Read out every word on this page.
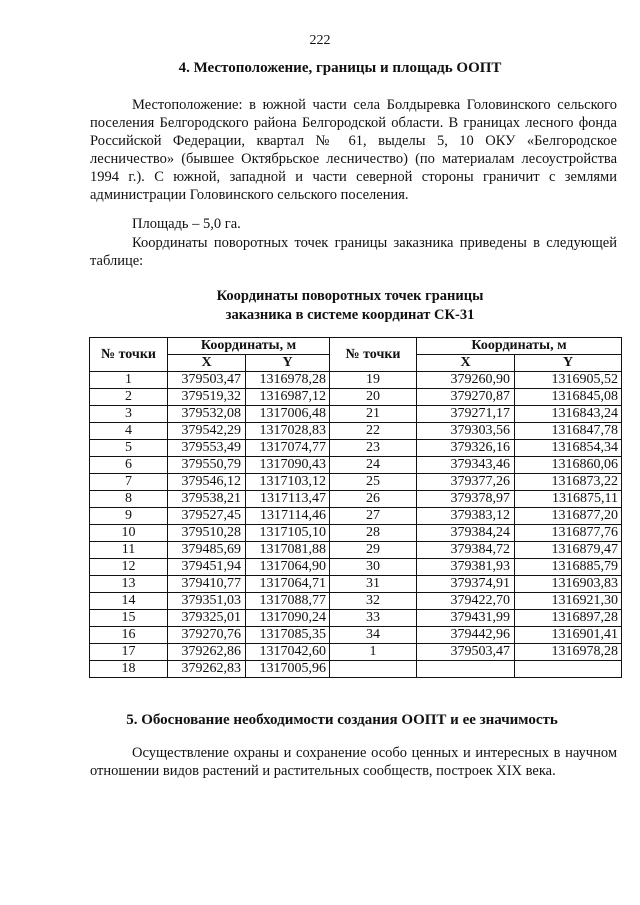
222
4. Местоположение, границы и площадь ООПТ
Местоположение: в южной части села Болдыревка Головинского сельского поселения Белгородского района Белгородской области. В границах лесного фонда Российской Федерации, квартал № 61, выделы 5, 10 ОКУ «Белгородское лесничество» (бывшее Октябрьское лесничество) (по материалам лесоустройства 1994 г.). С южной, западной и части северной стороны граничит с землями администрации Головинского сельского поселения.
Площадь – 5,0 га.
Координаты поворотных точек границы заказника приведены в следующей таблице:
Координаты поворотных точек границы
заказника в системе координат СК-31
№ точки	Координаты, м		№ точки	Координаты, м	
	X	Y		X	Y
1	379503,47	1316978,28	19	379260,90	1316905,52
2	379519,32	1316987,12	20	379270,87	1316845,08
3	379532,08	1317006,48	21	379271,17	1316843,24
4	379542,29	1317028,83	22	379303,56	1316847,78
5	379553,49	1317074,77	23	379326,16	1316854,34
6	379550,79	1317090,43	24	379343,46	1316860,06
7	379546,12	1317103,12	25	379377,26	1316873,22
8	379538,21	1317113,47	26	379378,97	1316875,11
9	379527,45	1317114,46	27	379383,12	1316877,20
10	379510,28	1317105,10	28	379384,24	1316877,76
11	379485,69	1317081,88	29	379384,72	1316879,47
12	379451,94	1317064,90	30	379381,93	1316885,79
13	379410,77	1317064,71	31	379374,91	1316903,83
14	379351,03	1317088,77	32	379422,70	1316921,30
15	379325,01	1317090,24	33	379431,99	1316897,28
16	379270,76	1317085,35	34	379442,96	1316901,41
17	379262,86	1317042,60	1	379503,47	1316978,28
18	379262,83	1317005,96			
5. Обоснование необходимости создания ООПТ и ее значимость
Осуществление охраны и сохранение особо ценных и интересных в научном отношении видов растений и растительных сообществ, построек XIX века.
